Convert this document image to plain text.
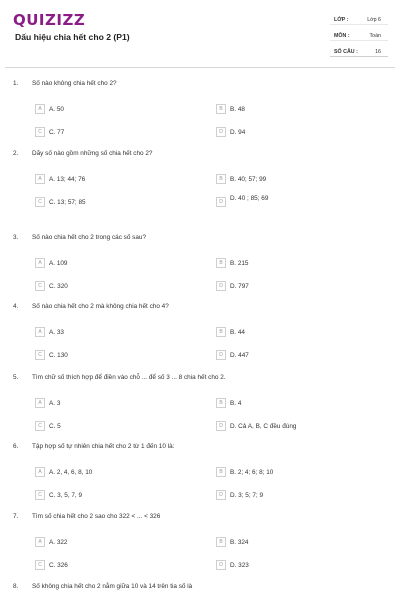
QUIZIZZ
Dấu hiệu chia hết cho 2 (P1)
LỚP :	Lớp 6
MÔN :	Toán
SỐ CÂU :	16
1. Số nào không chia hết cho 2?
A	A. 50	B	B. 48
C	C. 77	D	D. 94
2. Dãy số nào gồm những số chia hết cho 2?
A	A. 13; 44; 76	B	B. 40; 57; 99
C	C. 13; 57; 85	D	D. 40 ; 85; 69
3. Số nào chia hết cho 2 trong các số sau?
A	A. 109	B	B. 215
C	C. 320	D	D. 797
4. Số nào chia hết cho 2 mà không chia hết cho 4?
A	A. 33	B	B. 44
C	C. 130	D	D. 447
5. Tìm chữ số thích hợp để điền vào chỗ ... để số 3 ... 8 chia hết cho 2.
A	A. 3	B	B. 4
C	C. 5	D	D. Cả A, B, C đều đúng
6. Tập hợp số tự nhiên chia hết cho 2 từ 1 đến 10 là:
A	A. 2, 4, 6, 8, 10	B	B. 2; 4; 6; 8; 10
C	C. 3, 5, 7, 9	D	D. 3; 5; 7; 9
7. Tìm số chia hết cho 2 sao cho 322 < ... < 326
A	A. 322	B	B. 324
C	C. 326	D	D. 323
8. Số không chia hết cho 2 nằm giữa 10 và 14 trên tia số là
